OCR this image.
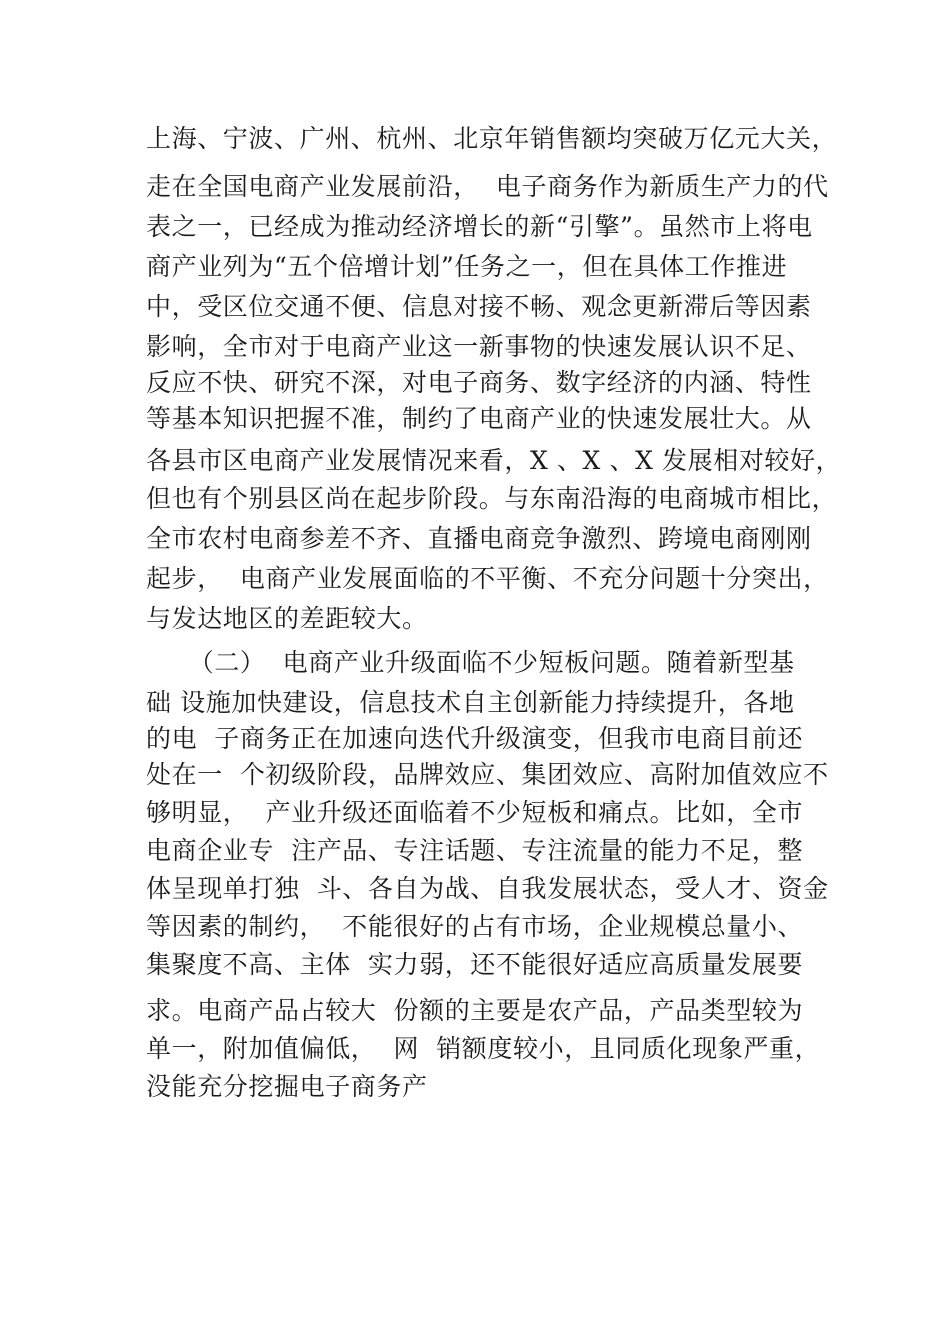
上海、宁波、广州、杭州、北京年销售额均突破万亿元大关，
走在全国电商产业发展前沿，  电子商务作为新质生产力的代
表之一，已经成为推动经济增长的新“引擎”。虽然市上将电
商产业列为“五个倍增计划”任务之一，但在具体工作推进
中，受区位交通不便、信息对接不畅、观念更新滞后等因素
影响，全市对于电商产业这一新事物的快速发展认识不足、
反应不快、研究不深，对电子商务、数字经济的内涵、特性
等基本知识把握不准，制约了电商产业的快速发展壮大。从
各县市区电商产业发展情况来看，X 、X 、X 发展相对较好，
但也有个别县区尚在起步阶段。与东南沿海的电商城市相比，
全市农村电商参差不齐、直播电商竞争激烈、跨境电商刚刚
起步，  电商产业发展面临的不平衡、不充分问题十分突出，
与发达地区的差距较大。
（二）  电商产业升级面临不少短板问题。随着新型基
础 设施加快建设，信息技术自主创新能力持续提升，各地
的电  子商务正在加速向迭代升级演变，但我市电商目前还
处在一  个初级阶段，品牌效应、集团效应、高附加值效应不
够明显，  产业升级还面临着不少短板和痛点。比如，全市
电商企业专  注产品、专注话题、专注流量的能力不足，整
体呈现单打独  斗、各自为战、自我发展状态，受人才、资金
等因素的制约，  不能很好的占有市场，企业规模总量小、
集聚度不高、主体  实力弱，还不能很好适应高质量发展要
求。电商产品占较大  份额的主要是农产品，产品类型较为
单一，附加值偏低，  网  销额度较小，且同质化现象严重，
没能充分挖掘电子商务产
